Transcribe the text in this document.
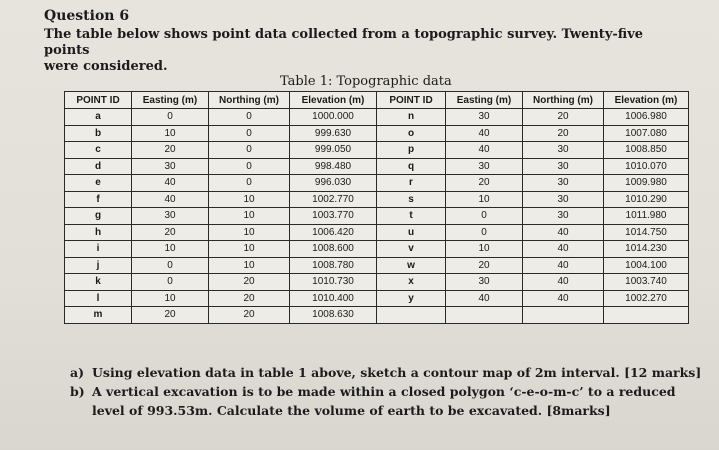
Question 6
The table below shows point data collected from a topographic survey. Twenty-five points
were considered.
Table 1: Topographic data
POINT ID	Easting (m)	Northing (m)	Elevation (m)	POINT ID	Easting (m)	Northing (m)	Elevation (m)
a	0	0	1000.000	n	30	20	1006.980
b	10	0	999.630	o	40	20	1007.080
c	20	0	999.050	p	40	30	1008.850
d	30	0	998.480	q	30	30	1010.070
e	40	0	996.030	r	20	30	1009.980
f	40	10	1002.770	s	10	30	1010.290
g	30	10	1003.770	t	0	30	1011.980
h	20	10	1006.420	u	0	40	1014.750
i	10	10	1008.600	v	10	40	1014.230
j	0	10	1008.780	w	20	40	1004.100
k	0	20	1010.730	x	30	40	1003.740
l	10	20	1010.400	y	40	40	1002.270
m	20	20	1008.630				
a) Using elevation data in table 1 above, sketch a contour map of 2m interval. [12 marks]
b) A vertical excavation is to be made within a closed polygon ‘c-e-o-m-c’ to a reduced
level of 993.53m. Calculate the volume of earth to be excavated. [8marks]
